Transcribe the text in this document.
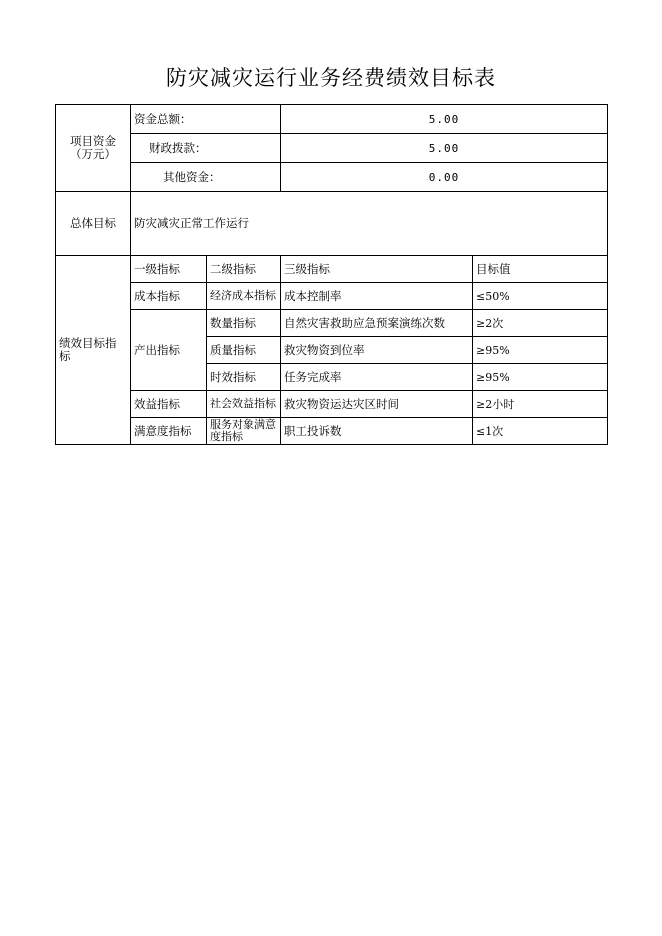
防灾减灾运行业务经费绩效目标表
项目资金（万元）	资金总额：		5.00	
	财政拨款：		5.00	
	其他资金：		0.00	
总体目标	防灾减灾正常工作运行			
绩效目标指标	一级指标	二级指标	三级指标	目标值
	成本指标	经济成本指标	成本控制率	≤50%
	产出指标	数量指标	自然灾害救助应急预案演练次数	≥2次
		质量指标	救灾物资到位率	≥95%
		时效指标	任务完成率	≥95%
	效益指标	社会效益指标	救灾物资运达灾区时间	≥2小时
	满意度指标	服务对象满意度指标	职工投诉数	≤1次
